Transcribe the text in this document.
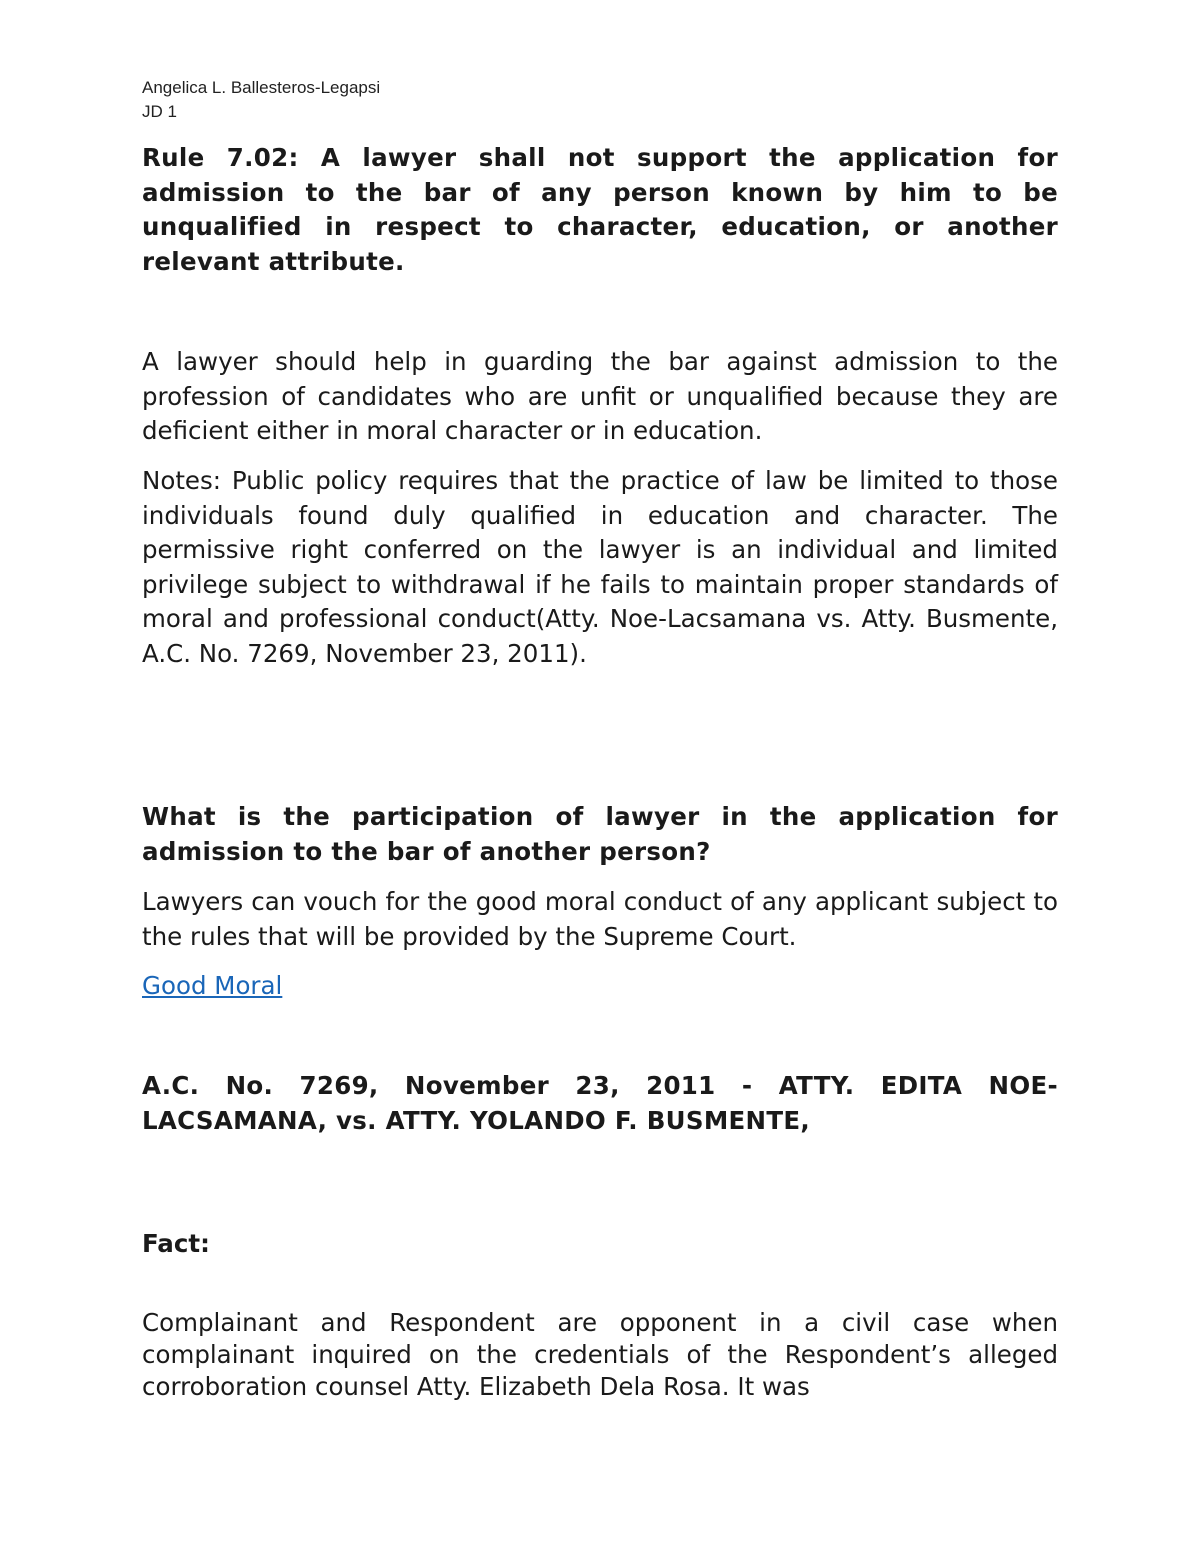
Angelica L. Ballesteros-Legapsi
JD 1

Rule 7.02: A lawyer shall not support the application for admission to the bar of any person known by him to be unqualified in respect to character, education, or another relevant attribute.

A lawyer should help in guarding the bar against admission to the profession of candidates who are unfit or unqualified because they are deficient either in moral character or in education.

Notes: Public policy requires that the practice of law be limited to those individuals found duly qualified in education and character. The permissive right conferred on the lawyer is an individual and limited privilege subject to withdrawal if he fails to maintain proper standards of moral and professional conduct(Atty. Noe-Lacsamana vs. Atty. Busmente, A.C. No. 7269, November 23, 2011).

What is the participation of lawyer in the application for admission to the bar of another person?

Lawyers can vouch for the good moral conduct of any applicant subject to the rules that will be provided by the Supreme Court.

Good Moral

A.C. No. 7269, November 23, 2011 - ATTY. EDITA NOE-LACSAMANA, vs. ATTY. YOLANDO F. BUSMENTE,

Fact:

Complainant and Respondent are opponent in a civil case when complainant inquired on the credentials of the Respondent’s alleged corroboration counsel Atty. Elizabeth Dela Rosa. It was
